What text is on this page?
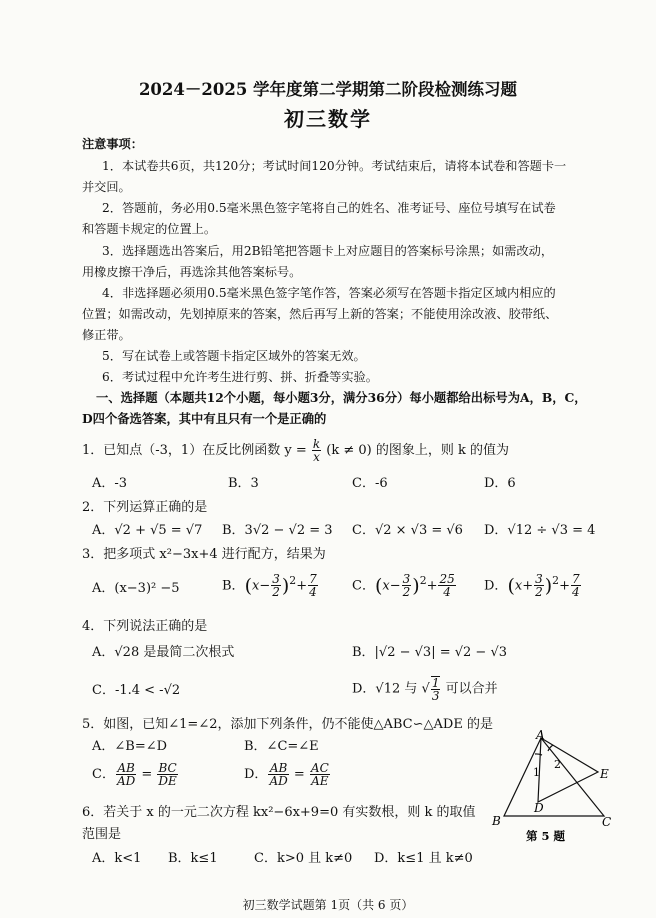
2024－2025 学年度第二学期第二阶段检测练习题
初三数学
注意事项：
1．本试卷共6页，共120分；考试时间120分钟。考试结束后，请将本试卷和答题卡一
并交回。
2．答题前，务必用0.5毫米黑色签字笔将自己的姓名、准考证号、座位号填写在试卷
和答题卡规定的位置上。
3．选择题选出答案后，用2B铅笔把答题卡上对应题目的答案标号涂黑；如需改动，
用橡皮擦干净后，再选涂其他答案标号。
4．非选择题必须用0.5毫米黑色签字笔作答，答案必须写在答题卡指定区域内相应的
位置；如需改动，先划掉原来的答案，然后再写上新的答案；不能使用涂改液、胶带纸、
修正带。
5．写在试卷上或答题卡指定区域外的答案无效。
6．考试过程中允许考生进行剪、拼、折叠等实验。
一、选择题（本题共12个小题，每小题3分，满分36分）每小题都给出标号为A，B，C，
D四个备选答案，其中有且只有一个是正确的
1．已知点（-3，1）在反比例函数 $y = \frac{k}{x} (k \ne 0)$ 的图象上，则 k 的值为
A．-3	B．3	C．-6	D．6
2．下列运算正确的是
A．√2 + √5 = √7 B．3√2 − √2 = 3 C．√2 × √3 = √6 D．√12 ÷ √3 = 4
3．把多项式 x²−3x+4 进行配方，结果为
A．(x−3)² −5	B．$(x- \frac{3}{2} )^2+ \frac{7}{4}$	C．$(x- \frac{3}{2} )^2+ \frac{25}{4}$ D．$(x+ \frac{3}{2} )^2+ \frac{7}{4}$
4．下列说法正确的是
A．√28 是最简二次根式	B．|√2 − √3| = √2 − √3
C．-1.4 < -√2	D．√12 与 √ $\frac{1}{3}$ 可以合并
5．如图，已知∠1=∠2，添加下列条件，仍不能使△ABC∽△ADE 的是
A．∠B=∠D	B．∠C=∠E
C． $\frac{AB}{AD} = \frac{BC}{DE}$	D． $\frac{AB}{AD} = \frac{AC}{AE}$
6．若关于 x 的一元二次方程 kx²−6x+9=0 有实数根，则 k 的取值
范围是
A．k<1 B．k≤1	C．k>0 且 k≠0 D．k≤1 且 k≠0
A
B	C
D
E
1
2
第 5 题
初三数学试题第 1页（共 6 页）
